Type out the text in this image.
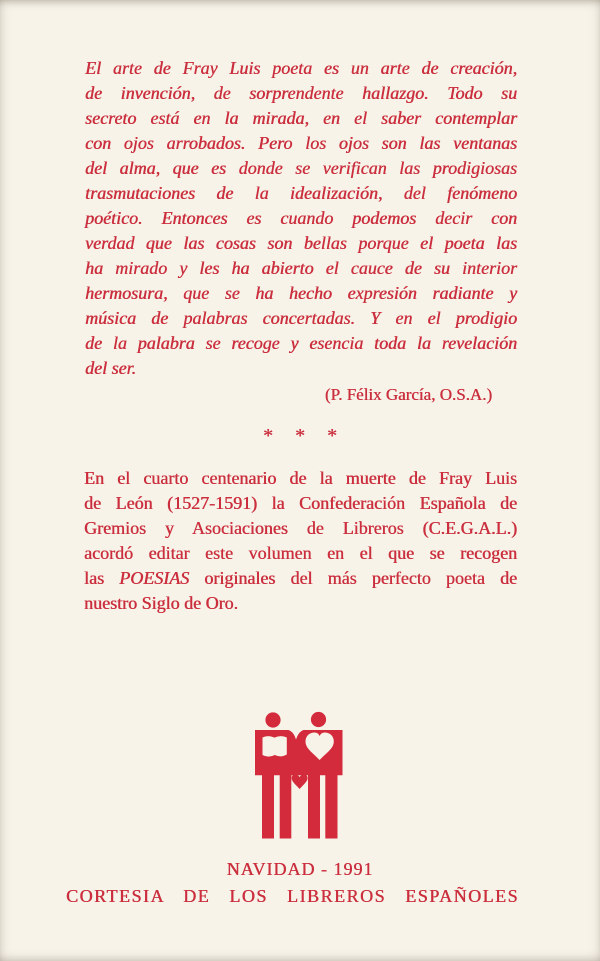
El arte de Fray Luis poeta es un arte de creación,
de invención, de sorprendente hallazgo. Todo su
secreto está en la mirada, en el saber contemplar
con ojos arrobados. Pero los ojos son las ventanas
del alma, que es donde se verifican las prodigiosas
trasmutaciones de la idealización, del fenómeno
poético. Entonces es cuando podemos decir con
verdad que las cosas son bellas porque el poeta las
ha mirado y les ha abierto el cauce de su interior
hermosura, que se ha hecho expresión radiante y
música de palabras concertadas. Y en el prodigio
de la palabra se recoge y esencia toda la revelación
del ser.
(P. Félix García, O.S.A.)
* * *
En el cuarto centenario de la muerte de Fray Luis
de León (1527-1591) la Confederación Española de
Gremios y Asociaciones de Libreros (C.E.G.A.L.)
acordó editar este volumen en el que se recogen
las POESIAS originales del más perfecto poeta de
nuestro Siglo de Oro.
NAVIDAD - 1991
CORTESIA DE LOS LIBREROS ESPAÑOLES
